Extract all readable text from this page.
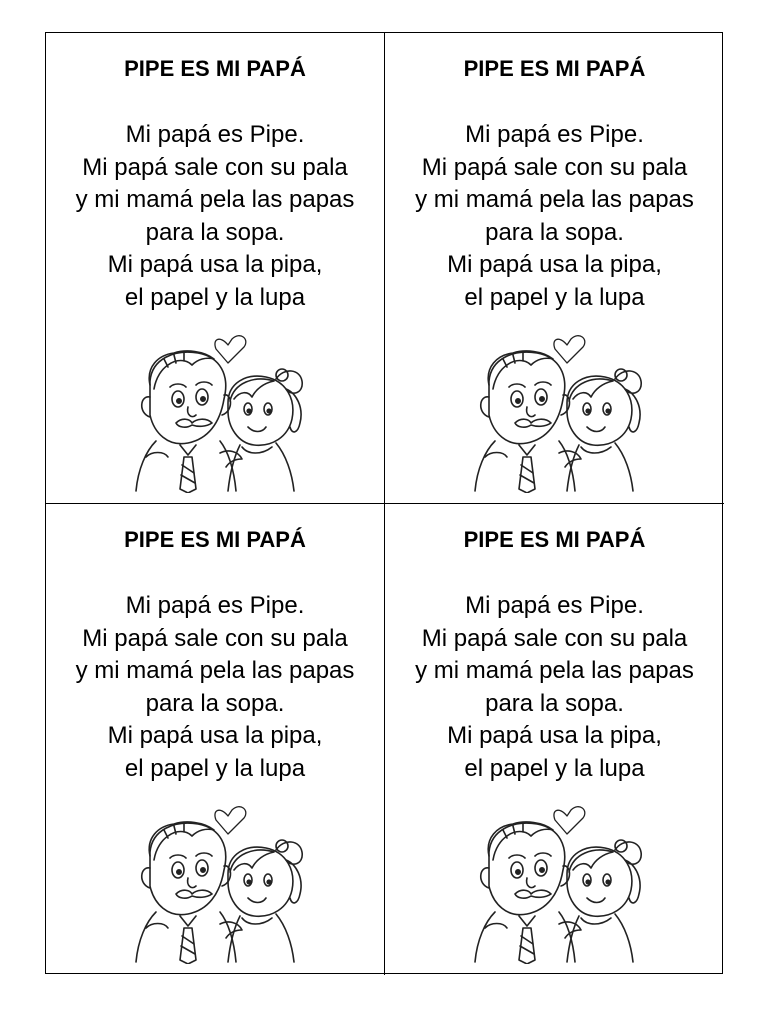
PIPE ES MI PAPÁ

Mi papá es Pipe.
Mi papá sale con su pala
y mi mamá pela las papas
para la sopa.
Mi papá usa la pipa,
el papel y la lupa

PIPE ES MI PAPÁ

Mi papá es Pipe.
Mi papá sale con su pala
y mi mamá pela las papas
para la sopa.
Mi papá usa la pipa,
el papel y la lupa

PIPE ES MI PAPÁ

Mi papá es Pipe.
Mi papá sale con su pala
y mi mamá pela las papas
para la sopa.
Mi papá usa la pipa,
el papel y la lupa

PIPE ES MI PAPÁ

Mi papá es Pipe.
Mi papá sale con su pala
y mi mamá pela las papas
para la sopa.
Mi papá usa la pipa,
el papel y la lupa
